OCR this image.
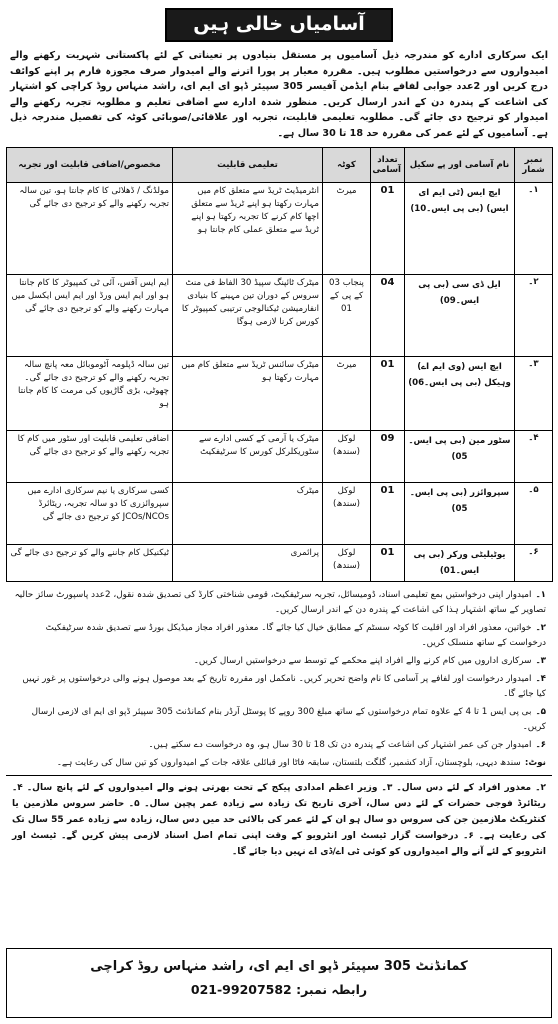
آسامیاں خالی ہیں
ایک سرکاری ادارے کو مندرجہ ذیل آسامیوں پر مستقل بنیادوں پر تعیناتی کے لئے پاکستانی شہریت رکھنے والے امیدواروں سے درخواستیں مطلوب ہیں۔ مقررہ معیار پر پورا اترنے والے امیدوار صرف مجوزہ فارم پر اپنے کوائف درج کریں اور 2عدد جوابی لفافے بنام ایڈمن آفیسر 305 سپیئر ڈپو ای ایم ای، راشد منہاس روڈ کراچی کو اشتہار کی اشاعت کے پندرہ دن کے اندر ارسال کریں۔ منظور شدہ ادارے سے اضافی تعلیم و مطلوبہ تجربہ رکھنے والے امیدوار کو ترجیح دی جائے گی۔ مطلوبہ تعلیمی قابلیت، تجربہ اور علاقائی/صوبائی کوٹہ کی تفصیل مندرجہ ذیل ہے۔ آسامیوں کے لئے عمر کی مقررہ حد 18 تا 30 سال ہے۔
نمبر شمار	نام آسامی اور پے سکیل	تعداد آسامی	کوٹہ	تعلیمی قابلیت	مخصوص/اضافی قابلیت اور تجربہ
۱۔	ایچ ایس (ٹی ایم ای ایس) (بی پی ایس۔10)	01	میرٹ	انٹرمیڈیٹ ٹریڈ سے متعلق کام میں مہارت رکھتا ہو اپنے ٹریڈ سے متعلق اچھا کام کرنے کا تجربہ رکھتا ہو اپنے ٹریڈ سے متعلق عملی کام جانتا ہو	مولڈنگ / ڈھلائی کا کام جانتا ہو، تین سالہ تجربہ رکھنے والے کو ترجیح دی جائے گی
۲۔	ایل ڈی سی (بی پی ایس۔09)	04	پنجاب 03 کے پی کے 01	میٹرک ٹائپنگ سپیڈ 30 الفاظ فی منٹ سروس کے دوران تین مہینے کا بنیادی انفارمیشن ٹیکنالوجی ترتیبی کمپیوٹر کا کورس کرنا لازمی ہوگا	ایم ایس آفس، آئی ٹی کمپیوٹر کا کام جانتا ہو اور ایم ایس ورڈ اور ایم ایس ایکسل میں مہارت رکھنے والے کو ترجیح دی جائے گی
۳۔	ایچ ایس (وی ایم اے) وہیکل (بی پی ایس۔06)	01	میرٹ	میٹرک سائنس ٹریڈ سے متعلق کام میں مہارت رکھتا ہو	تین سالہ ڈپلومہ آٹوموبائل معہ پانچ سالہ تجربہ رکھنے والے کو ترجیح دی جائے گی۔ چھوٹی، بڑی گاڑیوں کی مرمت کا کام جانتا ہو
۴۔	سٹور مین (بی پی ایس۔05)	09	لوکل (سندھ)	میٹرک یا آرمی کے کسی ادارے سے سٹوریکلرکل کورس کا سرٹیفکیٹ	اضافی تعلیمی قابلیت اور سٹور میں کام کا تجربہ رکھنے والے کو ترجیح دی جائے گی
۵۔	سپروائزر (بی پی ایس۔05)	01	لوکل (سندھ)	میٹرک	کسی سرکاری یا نیم سرکاری ادارے میں سپروائزری کا دو سالہ تجربہ، ریٹائرڈ JCOs/NCOs کو ترجیح دی جائے گی
۶۔	یوٹیلیٹی ورکر (بی پی ایس۔01)	01	لوکل (سندھ)	پرائمری	ٹیکنیکل کام جاننے والے کو ترجیح دی جائے گی

۱۔امیدوار اپنی درخواستیں بمع تعلیمی اسناد، ڈومیسائل، تجربہ سرٹیفکیٹ، قومی شناختی کارڈ کی تصدیق شدہ نقول، 2عدد پاسپورٹ سائز حالیہ تصاویر کے ساتھ اشتہار ہذا کی اشاعت کے پندرہ دن کے اندر ارسال کریں۔

۲۔خواتین، معذور افراد اور اقلیت کا کوٹہ سسٹم کے مطابق خیال کیا جائے گا۔ معذور افراد مجاز میڈیکل بورڈ سے تصدیق شدہ سرٹیفکیٹ درخواست کے ساتھ منسلک کریں۔

۳۔سرکاری اداروں میں کام کرنے والے افراد اپنے محکمے کے توسط سے درخواستیں ارسال کریں۔

۴۔امیدوار درخواست اور لفافے پر آسامی کا نام واضح تحریر کریں۔ نامکمل اور مقررہ تاریخ کے بعد موصول ہونے والی درخواستوں پر غور نہیں کیا جائے گا۔

۵۔بی پی ایس 1 تا 4 کے علاوہ تمام درخواستوں کے ساتھ مبلغ 300 روپے کا پوسٹل آرڈر بنام کمانڈنٹ 305 سپیئر ڈپو ای ایم ای لازمی ارسال کریں۔

۶۔امیدوار جن کی عمر اشتہار کی اشاعت کے پندرہ دن تک 18 تا 30 سال ہو، وہ درخواست دے سکتے ہیں۔

نوٹ:سندھ دیہی، بلوچستان، آزاد کشمیر، گلگت بلتستان، سابقہ فاٹا اور قبائلی علاقہ جات کے امیدواروں کو تین سال کی رعایت ہے۔

۲۔ معذور افراد کے لئے دس سال۔ ۳۔ وزیر اعظم امدادی پیکج کے تحت بھرتی ہونے والے امیدواروں کے لئے پانچ سال۔ ۴۔ ریٹائرڈ فوجی حضرات کے لئے دس سال، آخری تاریخ تک زیادہ سے زیادہ عمر پچپن سال۔ ۵۔ حاضر سروس ملازمین یا کنٹریکٹ ملازمین جن کی سروس دو سال ہو ان کے لئے عمر کی بالائی حد میں دس سال، زیادہ سے زیادہ عمر 55 سال تک کی رعایت ہے۔ ۶۔ درخواست گزار ٹیسٹ اور انٹرویو کے وقت اپنی تمام اصل اسناد لازمی پیش کریں گے۔ ٹیسٹ اور انٹرویو کے لئے آنے والے امیدواروں کو کوئی ٹی اے/ڈی اے نہیں دیا جائے گا۔
کمانڈنٹ 305 سپیئر ڈپو ای ایم ای، راشد منہاس روڈ کراچی
رابطہ نمبر: 021-99207582
